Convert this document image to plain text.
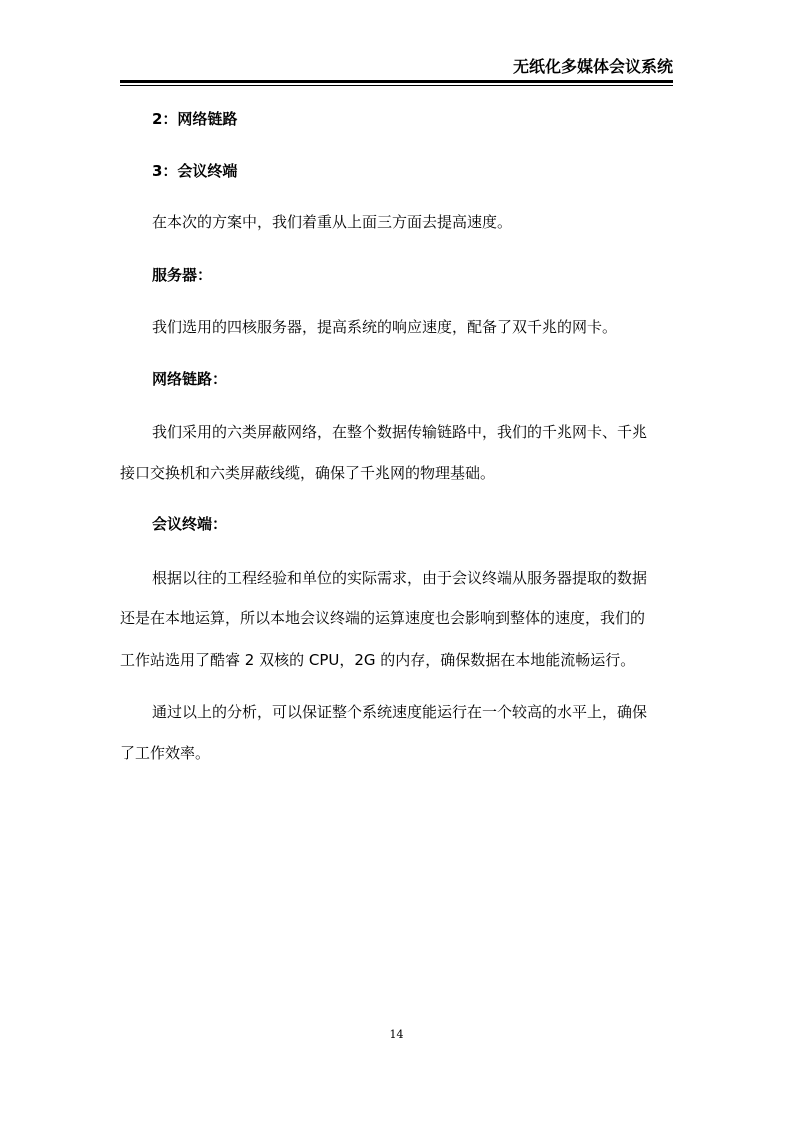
无纸化多媒体会议系统
2：网络链路
3：会议终端
在本次的方案中，我们着重从上面三方面去提高速度。
服务器：
我们选用的四核服务器，提高系统的响应速度，配备了双千兆的网卡。
网络链路：
我们采用的六类屏蔽网络，在整个数据传输链路中，我们的千兆网卡、千兆
接口交换机和六类屏蔽线缆，确保了千兆网的物理基础。
会议终端：
根据以往的工程经验和单位的实际需求，由于会议终端从服务器提取的数据
还是在本地运算，所以本地会议终端的运算速度也会影响到整体的速度，我们的
工作站选用了酷睿 2 双核的 CPU，2G 的内存，确保数据在本地能流畅运行。
通过以上的分析，可以保证整个系统速度能运行在一个较高的水平上，确保
了工作效率。
14
